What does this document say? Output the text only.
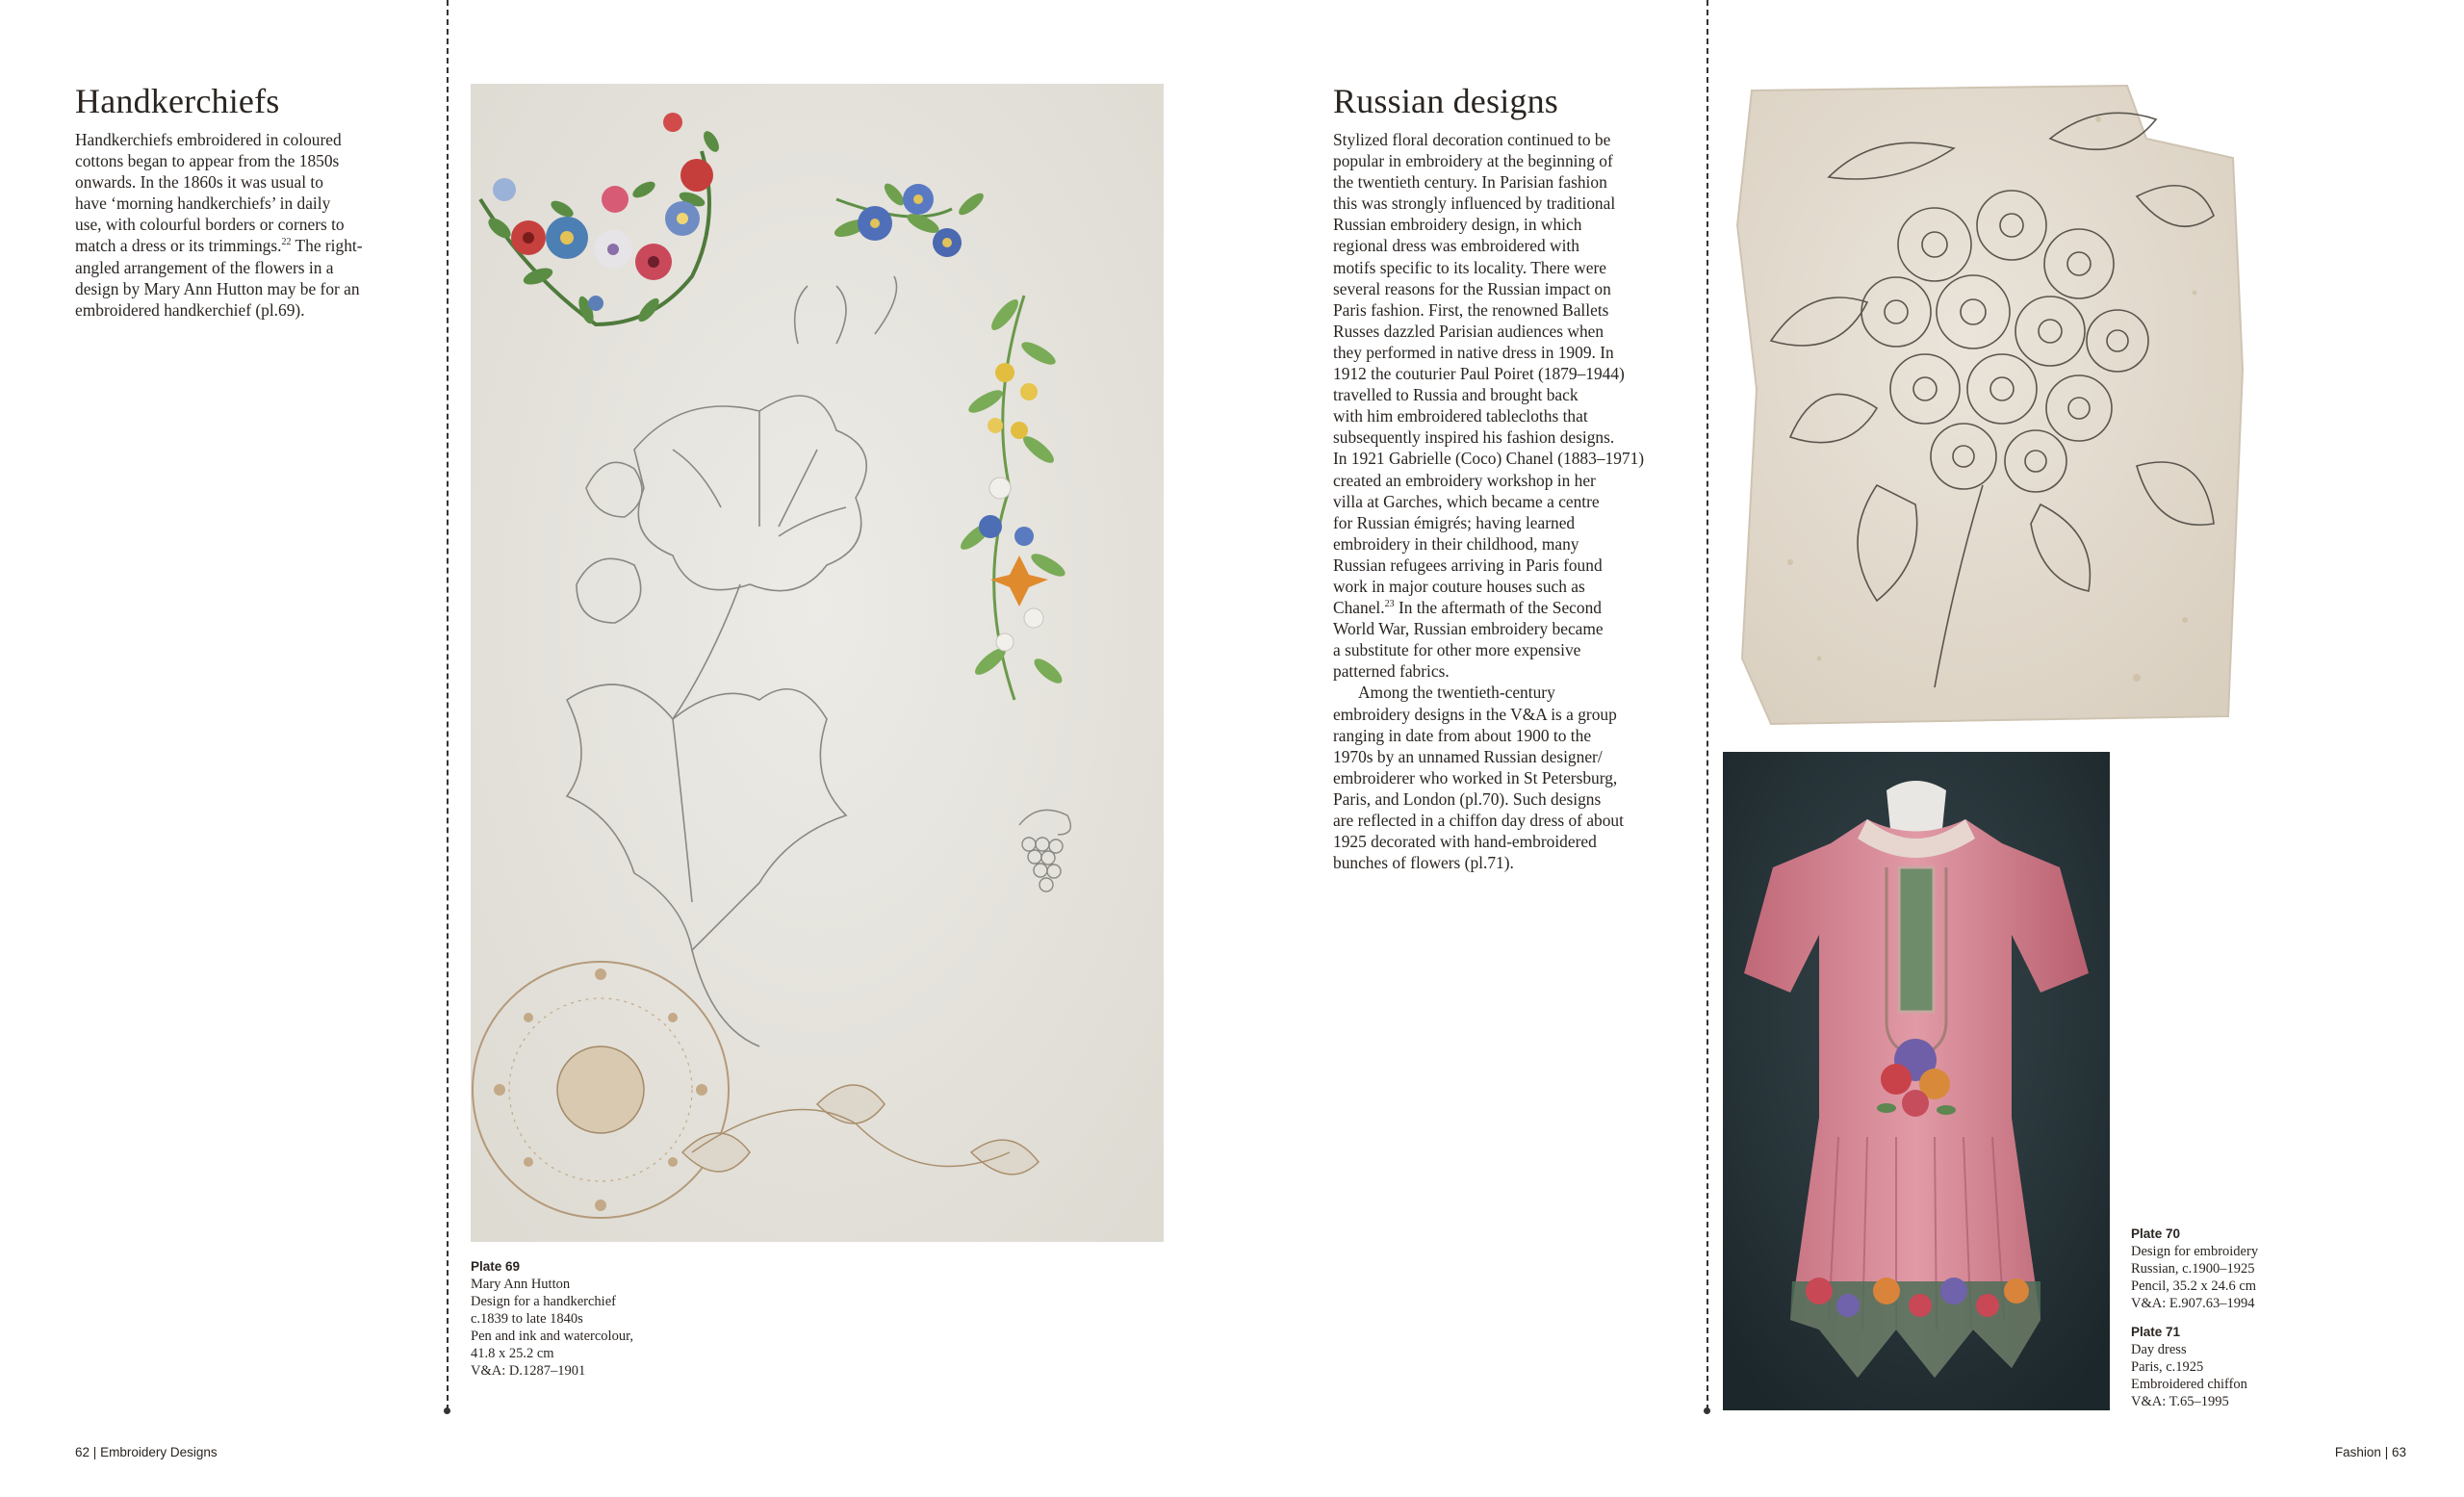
Handkerchiefs

Handkerchiefs embroidered in coloured

cottons began to appear from the 1850s

onwards. In the 1860s it was usual to

have ‘morning handkerchiefs’ in daily

use, with colourful borders or corners to

match a dress or its trimmings.$^{22}$ The right-

angled arrangement of the flowers in a

design by Mary Ann Hutton may be for an

embroidered handkerchief (pl.69).

Plate 69
Mary Ann Hutton
Design for a handkerchief
c.1839 to late 1840s
Pen and ink and watercolour,
41.8 x 25.2 cm
V&A: D.1287–1901
62 | Embroidery Designs
Russian designs

Stylized floral decoration continued to be

popular in embroidery at the beginning of

the twentieth century. In Parisian fashion

this was strongly influenced by traditional

Russian embroidery design, in which

regional dress was embroidered with

motifs specific to its locality. There were

several reasons for the Russian impact on

Paris fashion. First, the renowned Ballets

Russes dazzled Parisian audiences when

they performed in native dress in 1909. In

1912 the couturier Paul Poiret (1879–1944)

travelled to Russia and brought back

with him embroidered tablecloths that

subsequently inspired his fashion designs.

In 1921 Gabrielle (Coco) Chanel (1883–1971)

created an embroidery workshop in her

villa at Garches, which became a centre

for Russian émigrés; having learned

embroidery in their childhood, many

Russian refugees arriving in Paris found

work in major couture houses such as

Chanel.$^{23}$ In the aftermath of the Second

World War, Russian embroidery became

a substitute for other more expensive

patterned fabrics.

Among the twentieth-century

embroidery designs in the V&A is a group

ranging in date from about 1900 to the

1970s by an unnamed Russian designer/

embroiderer who worked in St Petersburg,

Paris, and London (pl.70). Such designs

are reflected in a chiffon day dress of about

1925 decorated with hand-embroidered

bunches of flowers (pl.71).

Plate 70
Design for embroidery
Russian, c.1900–1925
Pencil, 35.2 x 24.6 cm
V&A: E.907.63–1994
Plate 71
Day dress
Paris, c.1925
Embroidered chiffon
V&A: T.65–1995
Fashion | 63
